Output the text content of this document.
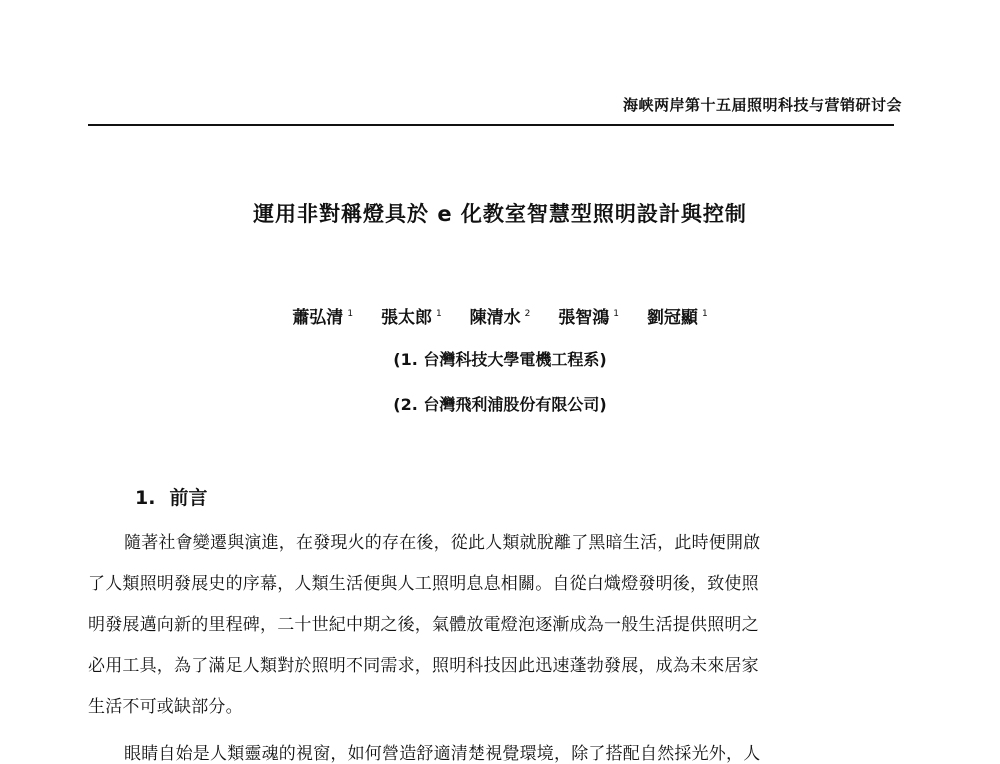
海峡两岸第十五届照明科技与营销研讨会
運用非對稱燈具於 e 化教室智慧型照明設計與控制
蕭弘清 $^1$ 張太郎 $^1$ 陳清水 $^2$ 張智鴻 $^1$ 劉冠顯 $^1$
(1. 台灣科技大學電機工程系)
(2. 台灣飛利浦股份有限公司)
1. 前言
隨著社會變遷與演進，在發現火的存在後，從此人類就脫離了黑暗生活，此時便開啟
了人類照明發展史的序幕，人類生活便與人工照明息息相關。自從白熾燈發明後，致使照
明發展邁向新的里程碑，二十世紀中期之後，氣體放電燈泡逐漸成為一般生活提供照明之
必用工具，為了滿足人類對於照明不同需求，照明科技因此迅速蓬勃發展，成為未來居家
生活不可或缺部分。
眼睛自始是人類靈魂的視窗，如何營造舒適清楚視覺環境，除了搭配自然採光外，人
